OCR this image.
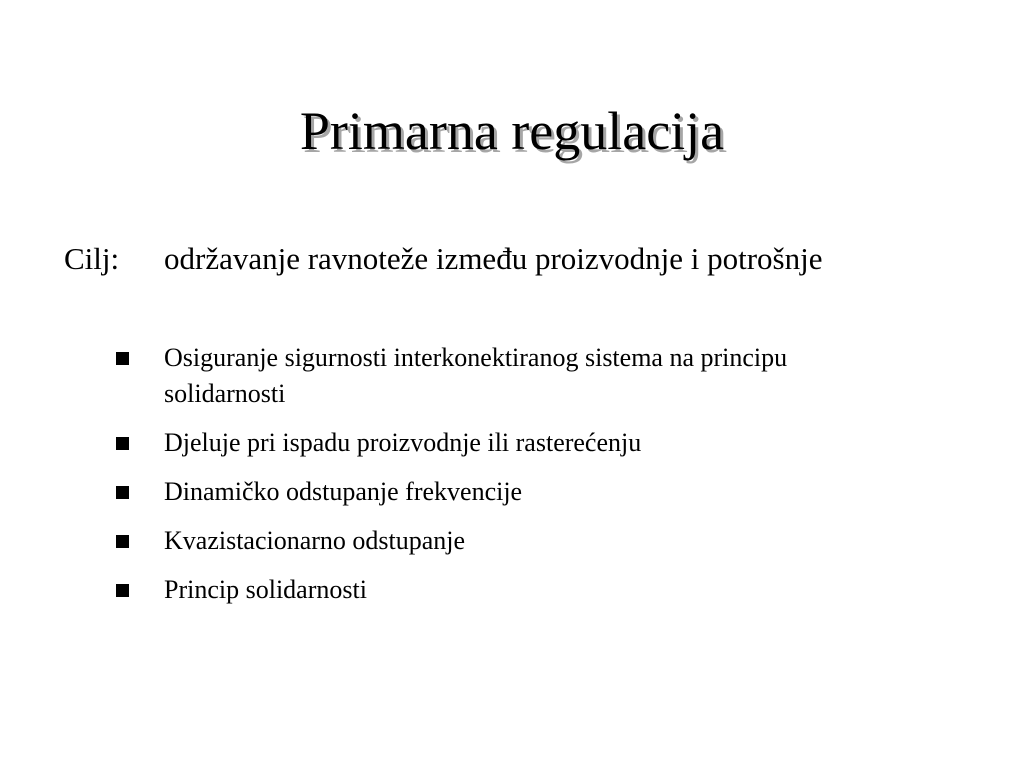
Primarna regulacija
Cilj: održavanje ravnoteže između proizvodnje i potrošnje
Osiguranje sigurnosti interkonektiranog sistema na principu solidarnosti
Djeluje pri ispadu proizvodnje ili rasterećenju
Dinamičko odstupanje frekvencije
Kvazistacionarno odstupanje
Princip solidarnosti
